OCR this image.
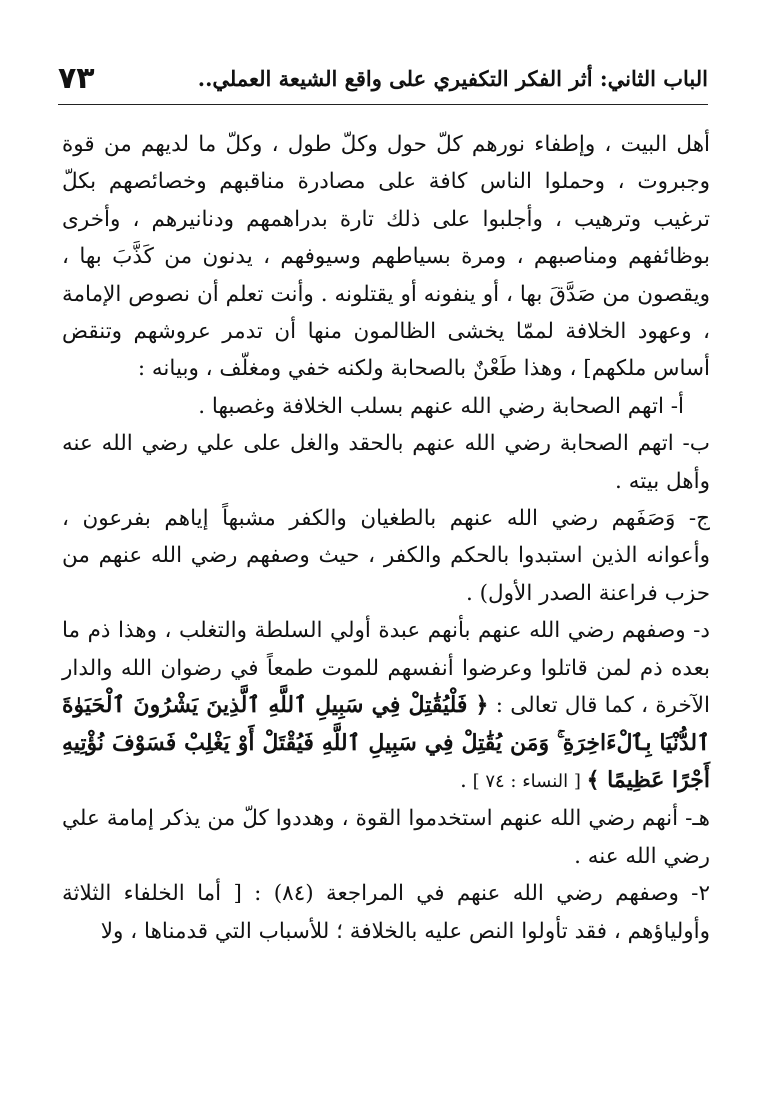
٧٣	الباب الثاني: أثر الفكر التكفيري على واقع الشيعة العملي..

أهل البيت ، وإطفاء نورهم كلّ حول وكلّ طول ، وكلّ ما لديهم من قوة وجبروت ، وحملوا الناس كافة على مصادرة مناقبهم وخصائصهم بكلّ ترغيب وترهيب ، وأجلبوا على ذلك تارة بدراهمهم ودنانيرهم ، وأخرى بوظائفهم ومناصبهم ، ومرة بسياطهم وسيوفهم ، يدنون من كَذَّبَ بها ، ويقصون من صَدَّقَ بها ، أو ينفونه أو يقتلونه . وأنت تعلم أن نصوص الإمامة ، وعهود الخلافة لممّا يخشى الظالمون منها أن تدمر عروشهم وتنقض أساس ملكهم] ، وهذا طَعْنٌ بالصحابة ولكنه خفي ومغلّف ، وبيانه :

أ- اتهم الصحابة رضي الله عنهم بسلب الخلافة وغصبها .

ب- اتهم الصحابة رضي الله عنهم بالحقد والغل على علي رضي الله عنه وأهل بيته .

ج- وَصَفَهم رضي الله عنهم بالطغيان والكفر مشبهاً إياهم بفرعون ، وأعوانه الذين استبدوا بالحكم والكفر ، حيث وصفهم رضي الله عنهم من حزب فراعنة الصدر الأول) .

د- وصفهم رضي الله عنهم بأنهم عبدة أولي السلطة والتغلب ، وهذا ذم ما بعده ذم لمن قاتلوا وعرضوا أنفسهم للموت طمعاً في رضوان الله والدار الآخرة ، كما قال تعالى : ﴿ فَلْيُقَٰتِلْ فِي سَبِيلِ ٱللَّهِ ٱلَّذِينَ يَشْرُونَ ٱلْحَيَوٰةَ ٱلدُّنْيَا بِٱلْءَاخِرَةِ ۚ وَمَن يُقَٰتِلْ فِي سَبِيلِ ٱللَّهِ فَيُقْتَلْ أَوْ يَغْلِبْ فَسَوْفَ نُؤْتِيهِ أَجْرًا عَظِيمًا ﴾ [ النساء : ٧٤ ] .

هـ- أنهم رضي الله عنهم استخدموا القوة ، وهددوا كلّ من يذكر إمامة علي رضي الله عنه .

٢- وصفهم رضي الله عنهم في المراجعة (٨٤) : [ أما الخلفاء الثلاثة وأولياؤهم ، فقد تأولوا النص عليه بالخلافة ؛ للأسباب التي قدمناها ، ولا
